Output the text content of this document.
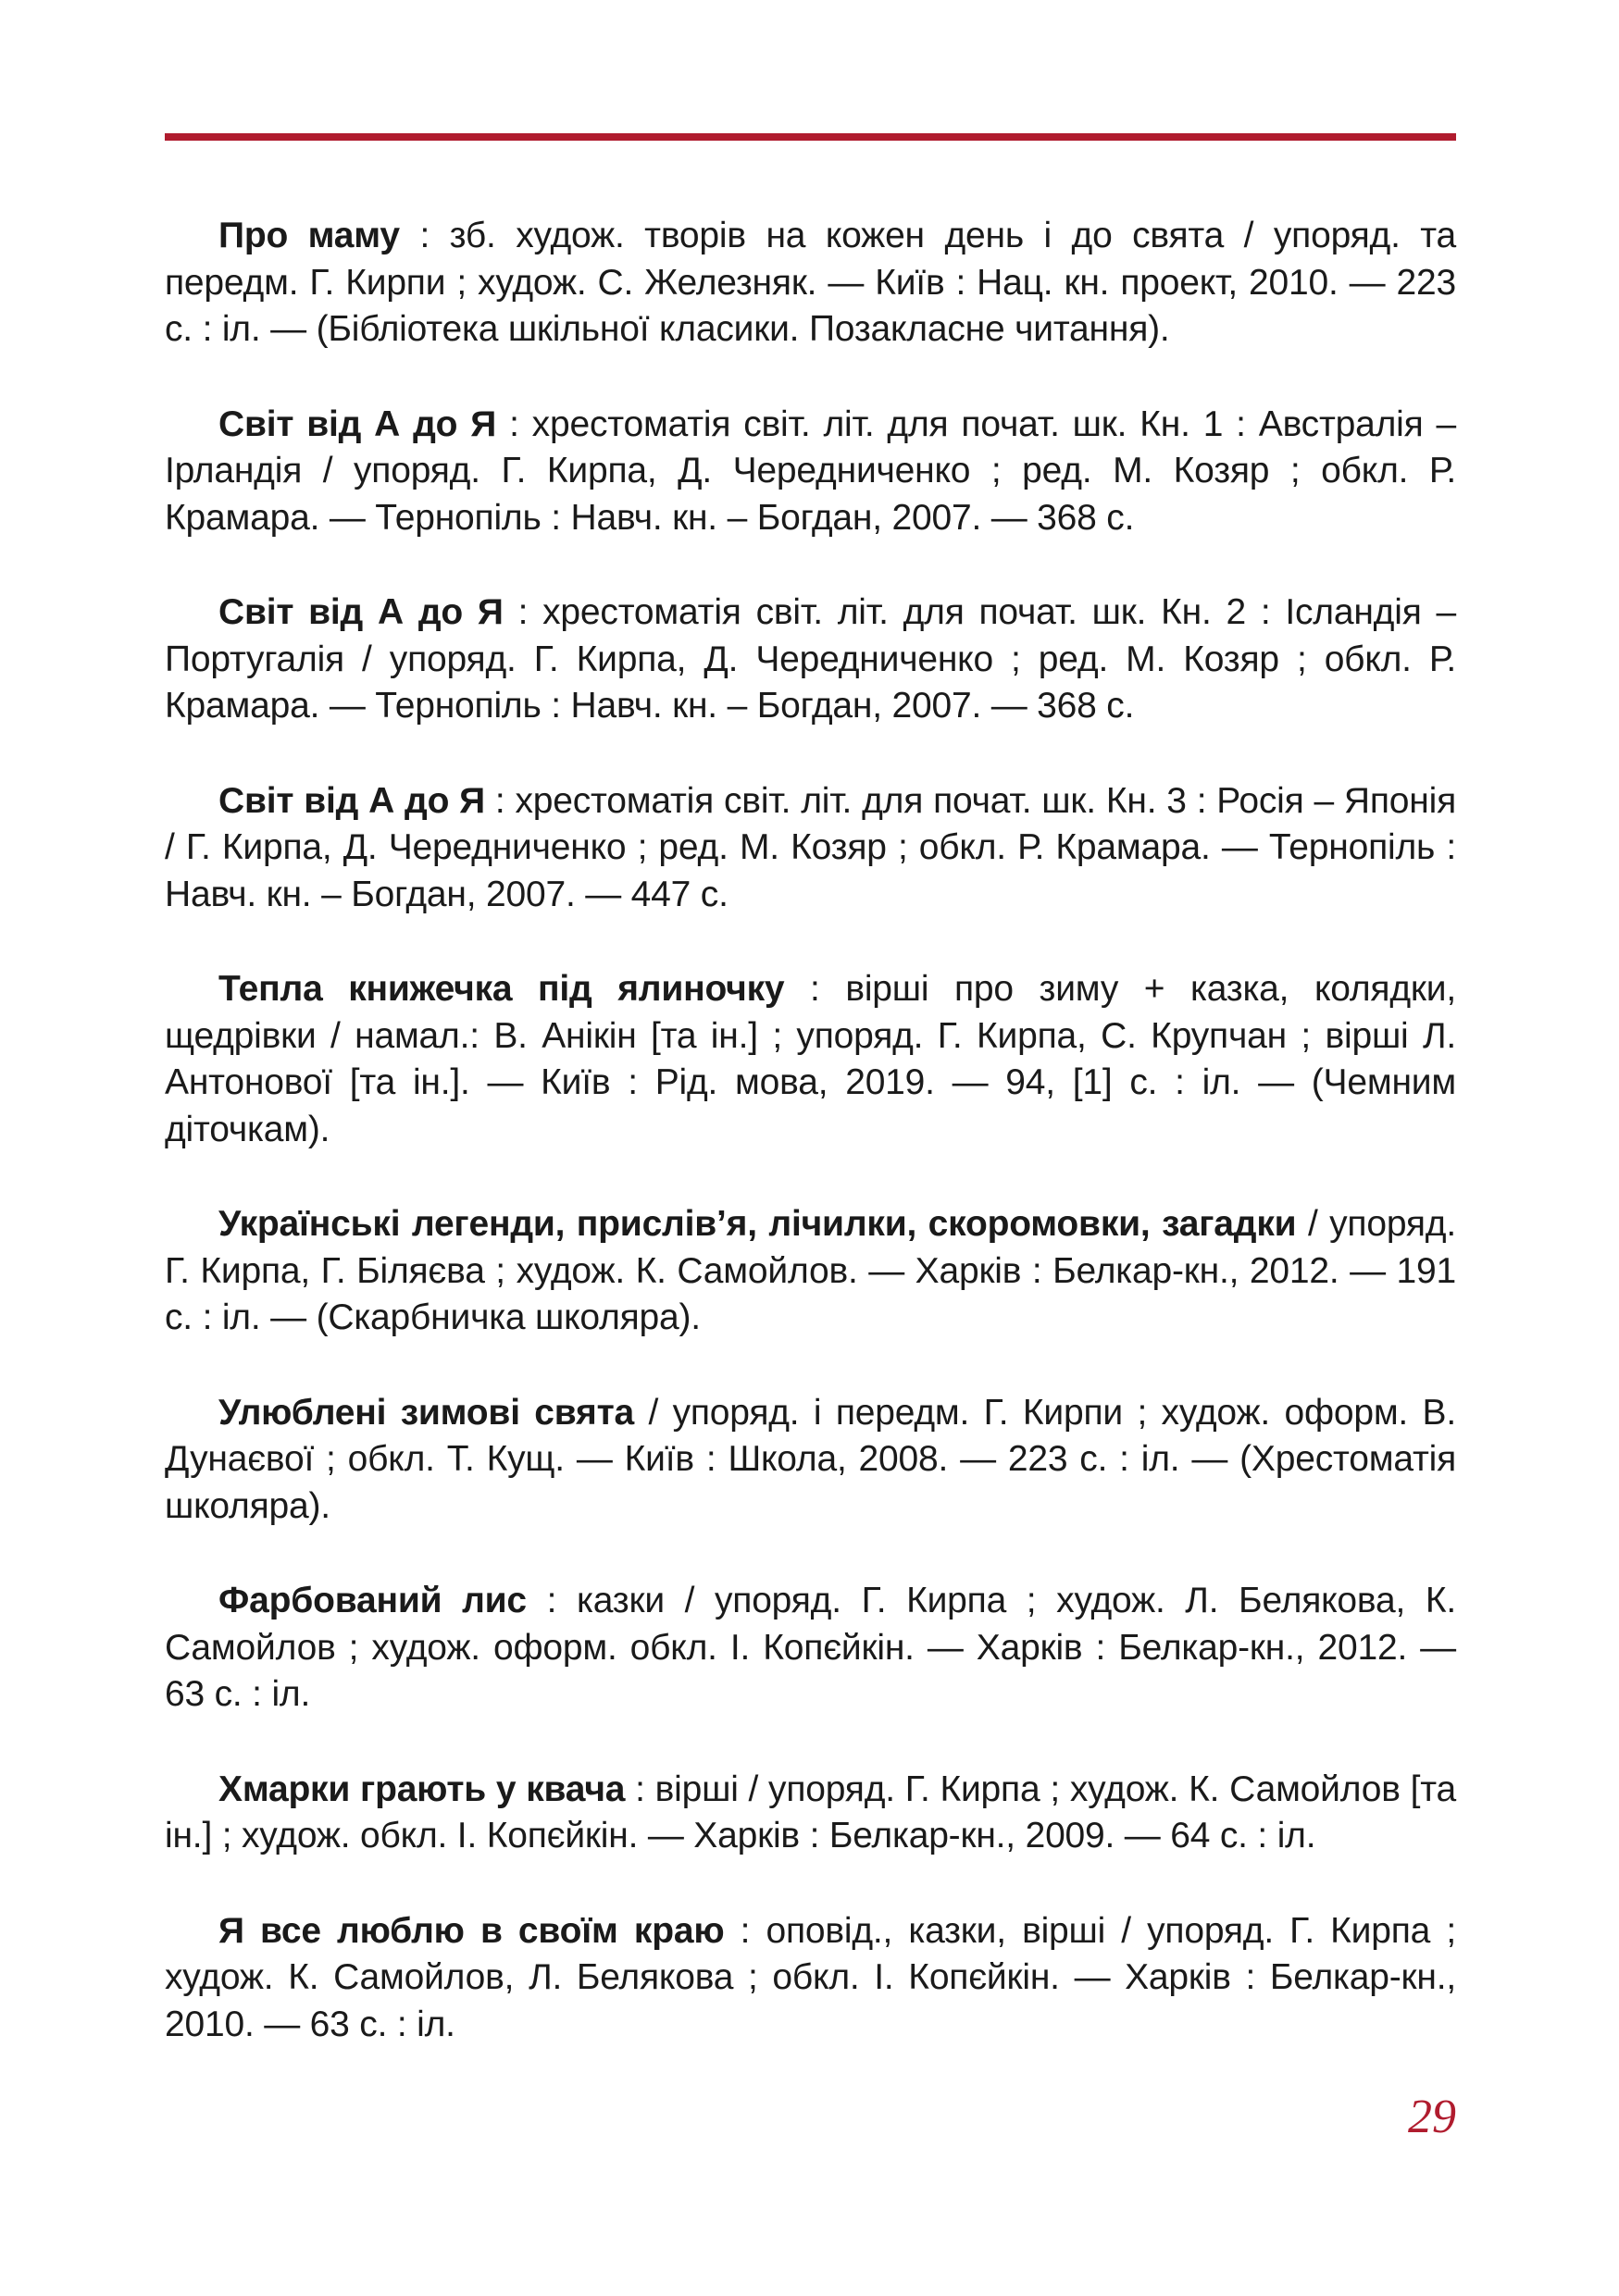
Про маму : зб. худож. творів на кожен день і до свята / упоряд. та передм. Г. Кирпи ; худож. С. Железняк. — Київ : Нац. кн. проект, 2010. — 223 с. : іл. — (Бібліотека шкільної класики. Позакласне читання).

Світ від А до Я : хрестоматія світ. літ. для почат. шк. Кн. 1 : Австралія – Ірландія / упоряд. Г. Кирпа, Д. Чередниченко ; ред. М. Козяр ; обкл. Р. Крамара. — Тернопіль : Навч. кн. – Богдан, 2007. — 368 с.

Світ від А до Я : хрестоматія світ. літ. для почат. шк. Кн. 2 : Ісландія – Португалія / упоряд. Г. Кирпа, Д. Чередниченко ; ред. М. Козяр ; обкл. Р. Крамара. — Тернопіль : Навч. кн. – Богдан, 2007. — 368 с.

Світ від А до Я : хрестоматія світ. літ. для почат. шк. Кн. 3 : Росія – Японія / Г. Кирпа, Д. Чередниченко ; ред. М. Козяр ; обкл. Р. Крамара. — Тернопіль : Навч. кн. – Богдан, 2007. — 447 с.

Тепла книжечка під ялиночку : вірші про зиму + казка, колядки, щедрівки / намал.: В. Анікін [та ін.] ; упоряд. Г. Кирпа, С. Крупчан ; вірші Л. Антонової [та ін.]. — Київ : Рід. мова, 2019. — 94, [1] с. : іл. — (Чемним діточкам).

Українські легенди, прислів’я, лічилки, скоромовки, загадки / упоряд. Г. Кирпа, Г. Біляєва ; худож. К. Самойлов. — Харків : Белкар-кн., 2012. — 191 с. : іл. — (Скарбничка школяра).

Улюблені зимові свята / упоряд. і передм. Г. Кирпи ; худож. оформ. В. Дунаєвої ; обкл. Т. Кущ. — Київ : Школа, 2008. — 223 с. : іл. — (Хрестоматія школяра).

Фарбований лис : казки / упоряд. Г. Кирпа ; худож. Л. Белякова, К. Самойлов ; худож. оформ. обкл. І. Копєйкін. — Харків : Белкар-кн., 2012. — 63 с. : іл.

Хмарки грають у квача : вірші / упоряд. Г. Кирпа ; худож. К. Самойлов [та ін.] ; худож. обкл. І. Копєйкін. — Харків : Белкар-кн., 2009. — 64 с. : іл.

Я все люблю в своїм краю : оповід., казки, вірші / упоряд. Г. Кирпа ; худож. К. Самойлов, Л. Белякова ; обкл. І. Копєйкін. — Харків : Белкар-кн., 2010. — 63 с. : іл.

29
